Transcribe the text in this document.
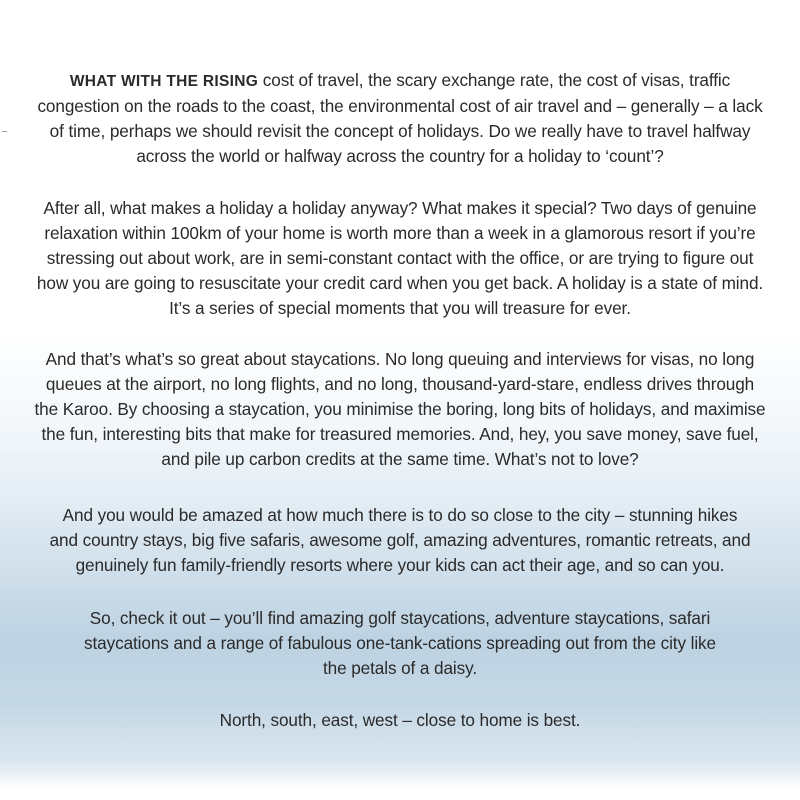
WHAT WITH THE RISING cost of travel, the scary exchange rate, the cost of visas, traffic
congestion on the roads to the coast, the environmental cost of air travel and – generally – a lack
of time, perhaps we should revisit the concept of holidays. Do we really have to travel halfway
across the world or halfway across the country for a holiday to ‘count’?

After all, what makes a holiday a holiday anyway? What makes it special? Two days of genuine
relaxation within 100km of your home is worth more than a week in a glamorous resort if you’re
stressing out about work, are in semi-constant contact with the office, or are trying to figure out
how you are going to resuscitate your credit card when you get back. A holiday is a state of mind.
It’s a series of special moments that you will treasure for ever.

And that’s what’s so great about staycations. No long queuing and interviews for visas, no long
queues at the airport, no long flights, and no long, thousand-yard-stare, endless drives through
the Karoo. By choosing a staycation, you minimise the boring, long bits of holidays, and maximise
the fun, interesting bits that make for treasured memories. And, hey, you save money, save fuel,
and pile up carbon credits at the same time. What’s not to love?

And you would be amazed at how much there is to do so close to the city – stunning hikes
and country stays, big five safaris, awesome golf, amazing adventures, romantic retreats, and
genuinely fun family-friendly resorts where your kids can act their age, and so can you.

So, check it out – you’ll find amazing golf staycations, adventure staycations, safari
staycations and a range of fabulous one-tank-cations spreading out from the city like
the petals of a daisy.

North, south, east, west – close to home is best.
